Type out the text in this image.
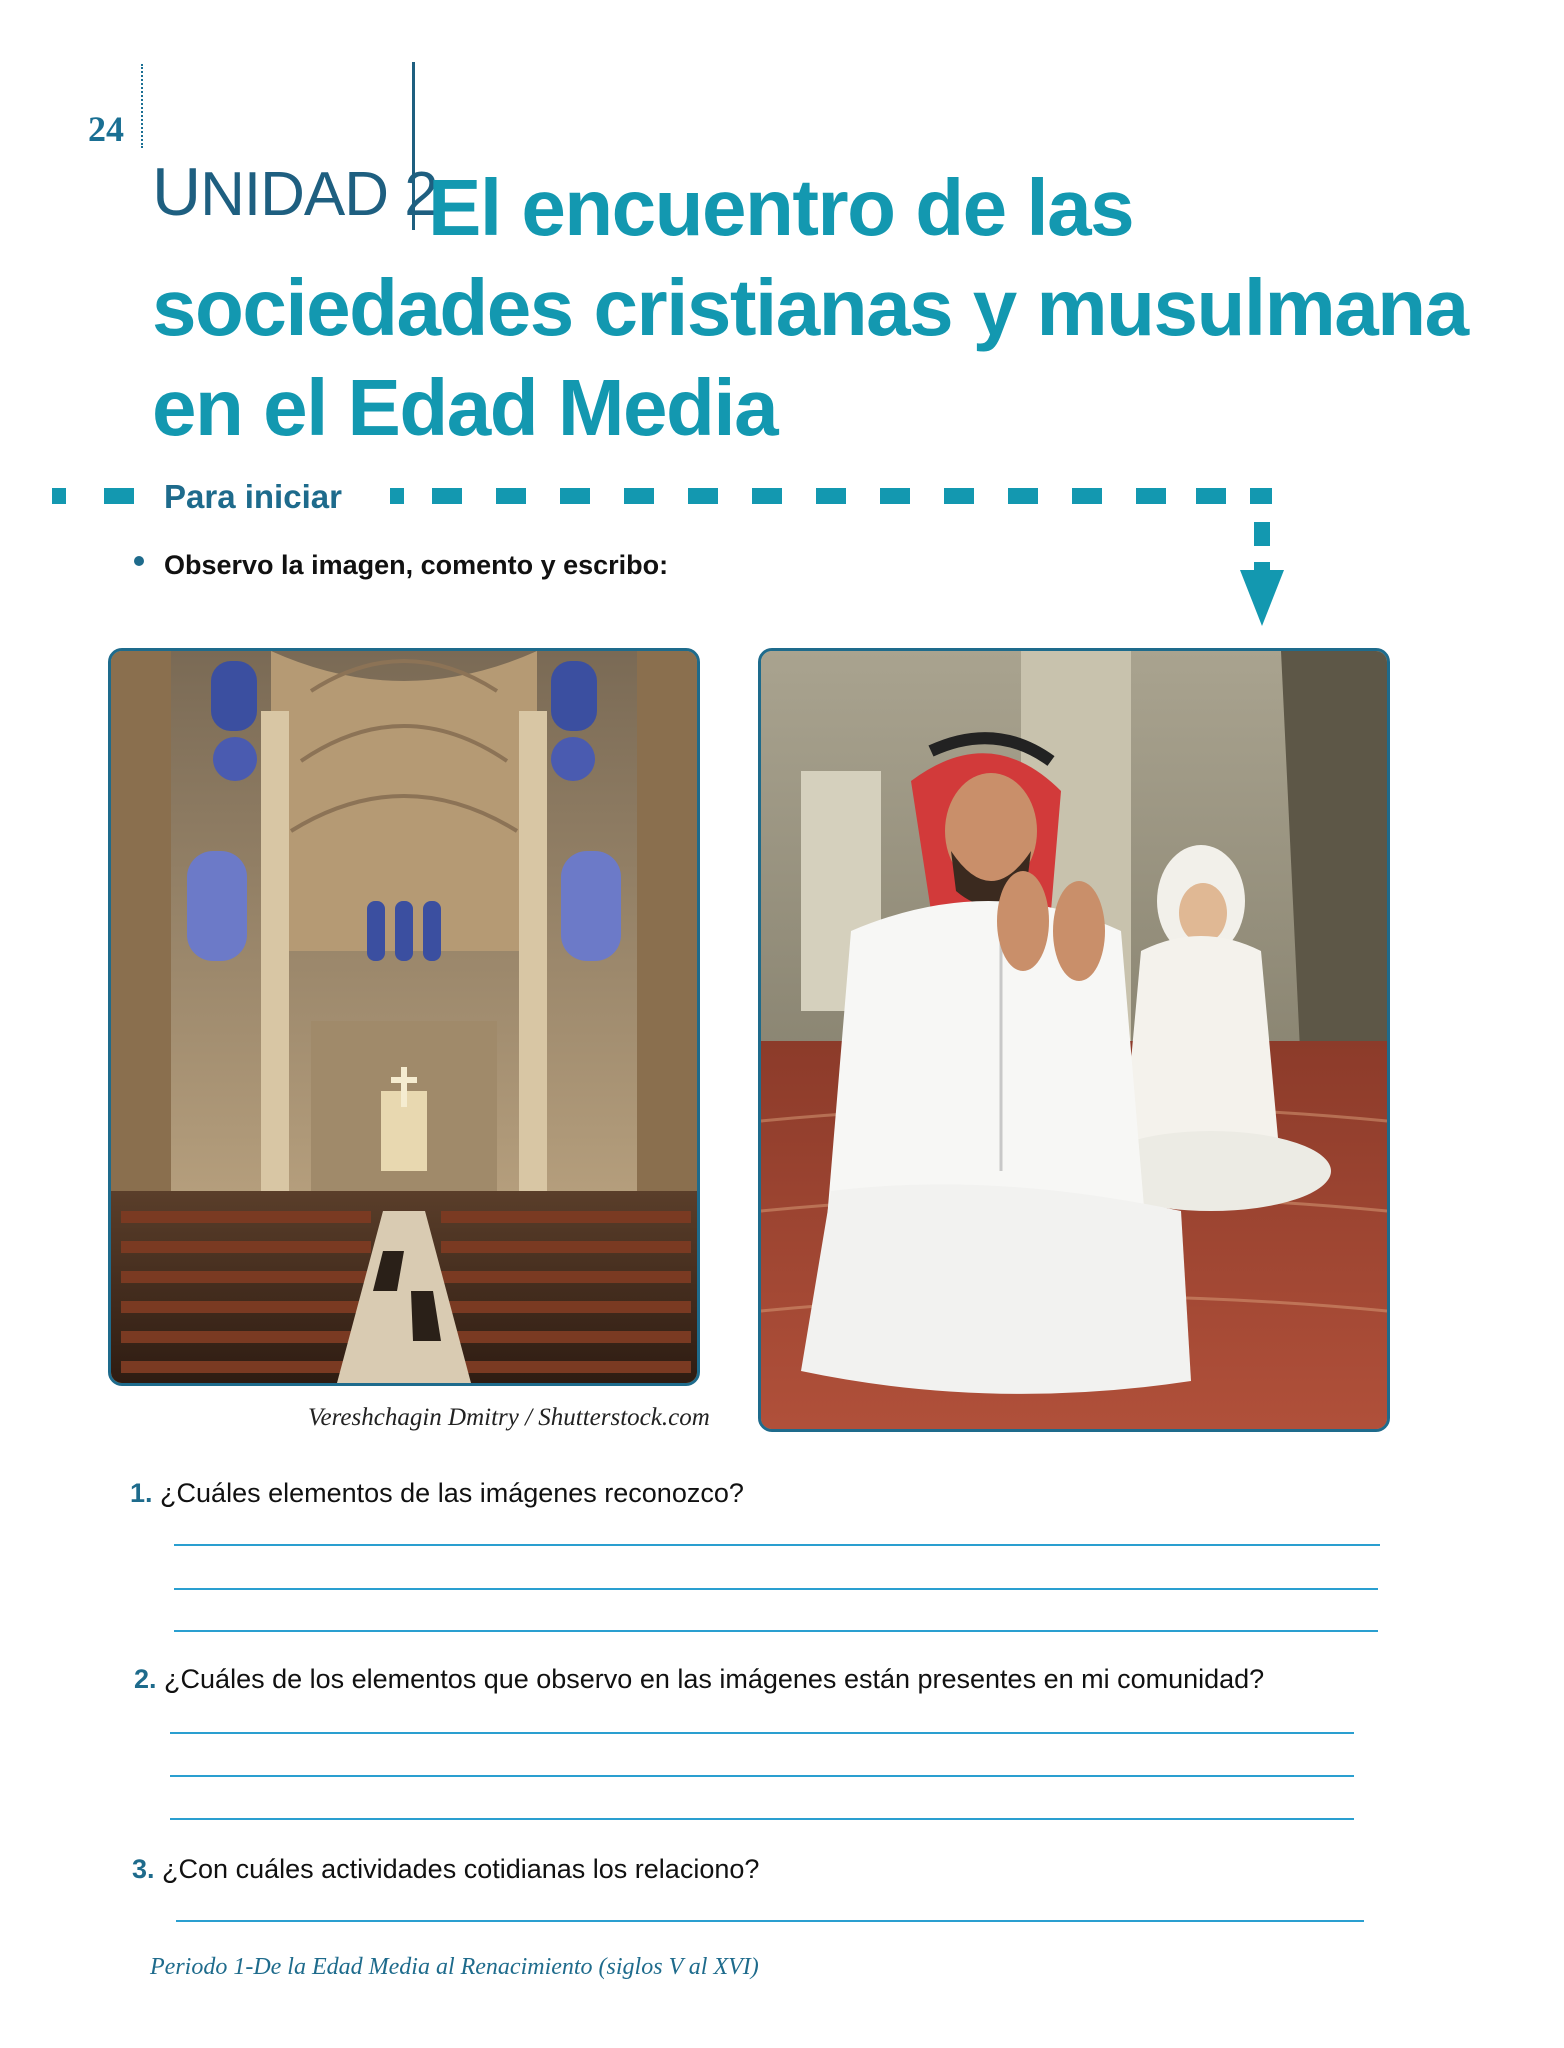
24
UNIDAD 2
El encuentro de las
sociedades cristianas y musulmana
en el Edad Media
Para iniciar
Observo la imagen, comento y escribo:
Vereshchagin Dmitry / Shutterstock.com
1. ¿Cuáles elementos de las imágenes reconozco?
2. ¿Cuáles de los elementos que observo en las imágenes están presentes en mi comunidad?
3. ¿Con cuáles actividades cotidianas los relaciono?
Periodo 1-De la Edad Media al Renacimiento (siglos V al XVI)
